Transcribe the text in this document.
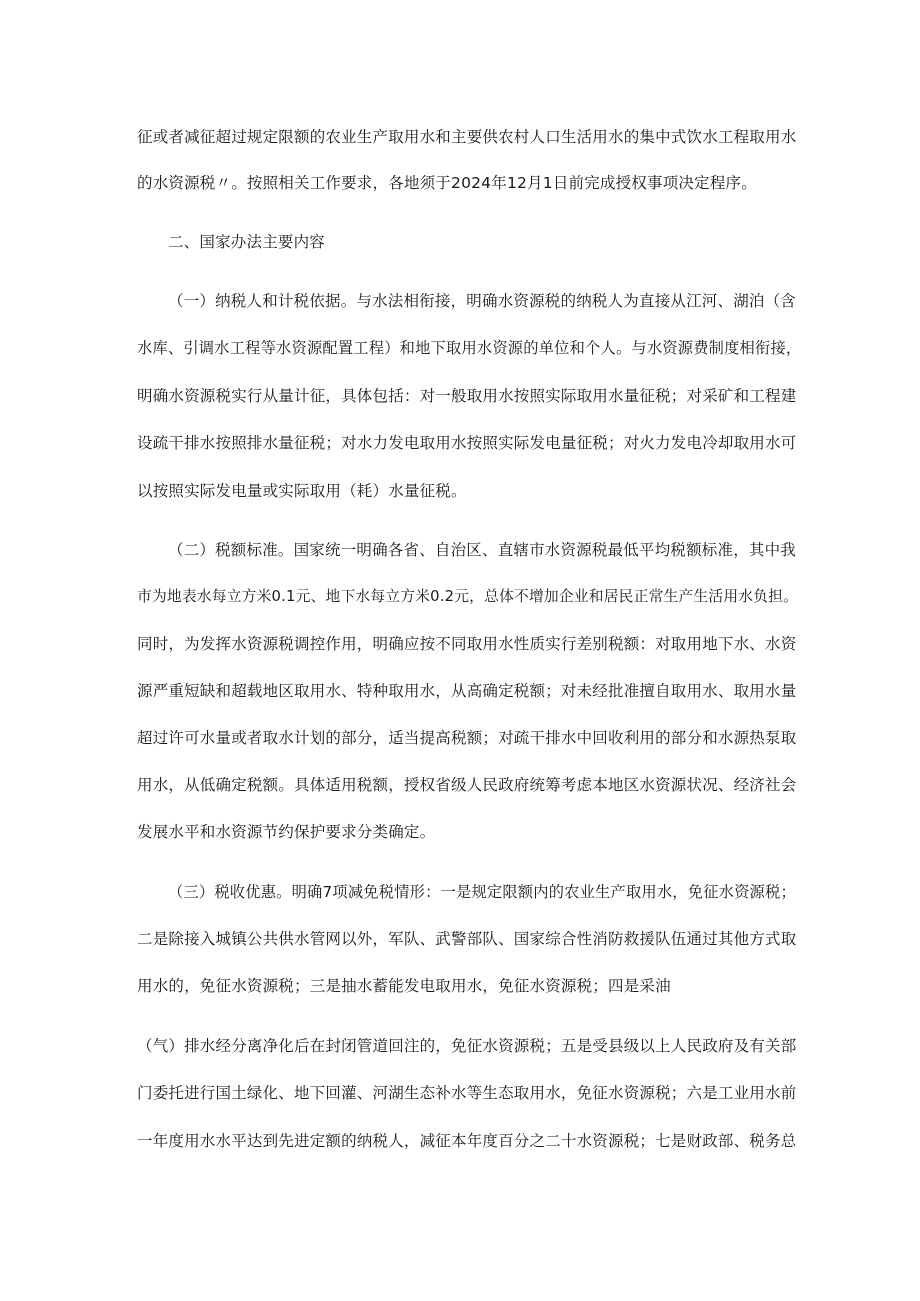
征或者减征超过规定限额的农业生产取用水和主要供农村人口生活用水的集中式饮水工程取用水
的水资源税〃。按照相关工作要求，各地须于2024年12月1日前完成授权事项决定程序。
二、国家办法主要内容
（一）纳税人和计税依据。与水法相衔接，明确水资源税的纳税人为直接从江河、湖泊（含
水库、引调水工程等水资源配置工程）和地下取用水资源的单位和个人。与水资源费制度相衔接，
明确水资源税实行从量计征，具体包括：对一般取用水按照实际取用水量征税；对采矿和工程建
设疏干排水按照排水量征税；对水力发电取用水按照实际发电量征税；对火力发电冷却取用水可
以按照实际发电量或实际取用（耗）水量征税。
（二）税额标准。国家统一明确各省、自治区、直辖市水资源税最低平均税额标准，其中我
市为地表水每立方米0.1元、地下水每立方米0.2元，总体不增加企业和居民正常生产生活用水负担。
同时，为发挥水资源税调控作用，明确应按不同取用水性质实行差别税额：对取用地下水、水资
源严重短缺和超载地区取用水、特种取用水，从高确定税额；对未经批准擅自取用水、取用水量
超过许可水量或者取水计划的部分，适当提高税额；对疏干排水中回收利用的部分和水源热泵取
用水，从低确定税额。具体适用税额，授权省级人民政府统筹考虑本地区水资源状况、经济社会
发展水平和水资源节约保护要求分类确定。
（三）税收优惠。明确7项减免税情形：一是规定限额内的农业生产取用水，免征水资源税；
二是除接入城镇公共供水管网以外，军队、武警部队、国家综合性消防救援队伍通过其他方式取
用水的，免征水资源税；三是抽水蓄能发电取用水，免征水资源税；四是采油
（气）排水经分离净化后在封闭管道回注的，免征水资源税；五是受县级以上人民政府及有关部
门委托进行国土绿化、地下回灌、河湖生态补水等生态取用水，免征水资源税；六是工业用水前
一年度用水水平达到先进定额的纳税人，减征本年度百分之二十水资源税；七是财政部、税务总
